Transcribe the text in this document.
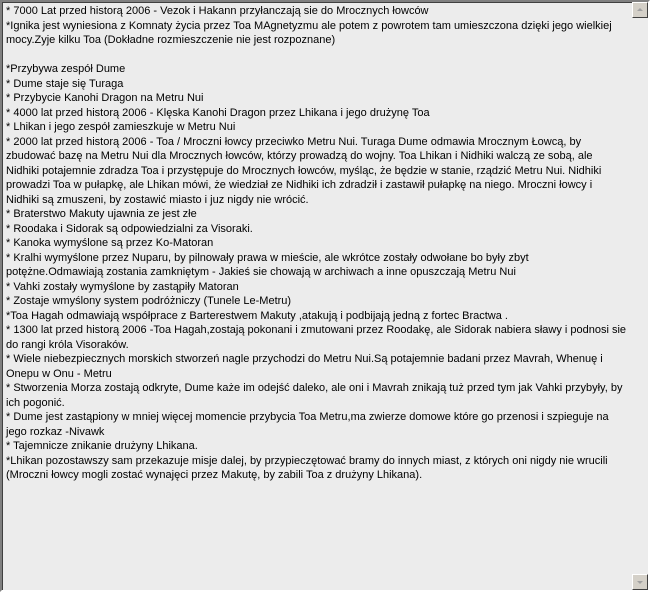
* 7000 Lat przed historą 2006 - Vezok i Hakann przyłanczają sie do Mrocznych łowców
*Ignika jest wyniesiona z Komnaty życia przez Toa MAgnetyzmu ale potem z powrotem tam umieszczona dzięki jego wielkiej mocy.Zyje kilku Toa (Dokładne rozmieszczenie nie jest rozpoznane)

*Przybywa zespół Dume
* Dume staje się Turaga
* Przybycie Kanohi Dragon na Metru Nui
* 4000 lat przed historą 2006 - Klęska Kanohi Dragon przez Lhikana i jego drużynę Toa
* Lhikan i jego zespół zamieszkuje w Metru Nui
* 2000 lat przed historą 2006 - Toa / Mroczni łowcy przeciwko Metru Nui. Turaga Dume odmawia Mrocznym Łowcą, by zbudować bazę na Metru Nui dla Mrocznych łowców, którzy prowadzą do wojny. Toa Lhikan i Nidhiki walczą ze sobą, ale Nidhiki potajemnie zdradza Toa i przystępuje do Mrocznych łowców, myśląc, że będzie w stanie, rządzić Metru Nui. Nidhiki prowadzi Toa w pułapkę, ale Lhikan mówi, że wiedział ze Nidhiki ich zdradził i zastawił pułapkę na niego. Mroczni łowcy i Nidhiki są zmuszeni, by zostawić miasto i juz nigdy nie wrócić.
* Braterstwo Makuty ujawnia ze jest złe
* Roodaka i Sidorak są odpowiedzialni za Visoraki.
* Kanoka wymyślone są przez Ko-Matoran
* Kralhi wymyślone przez Nuparu, by pilnowały prawa w mieście, ale wkrótce zostały odwołane bo były zbyt potężne.Odmawiają zostania zamkniętym - Jakieś sie chowają w archiwach a inne opuszczają Metru Nui
* Vahki zostały wymyślone by zastąpiły Matoran
* Zostaje wmyślony system podróżniczy (Tunele Le-Metru)
*Toa Hagah odmawiają współprace z Barterestwem Makuty ,atakują i podbijają jedną z fortec Bractwa .
* 1300 lat przed historą 2006 -Toa Hagah,zostają pokonani i zmutowani przez Roodakę, ale Sidorak nabiera sławy i podnosi sie do rangi króla Visoraków.
* Wiele niebezpiecznych morskich stworzeń nagle przychodzi do Metru Nui.Są potajemnie badani przez Mavrah, Whenuę i Onepu w Onu - Metru
* Stworzenia Morza zostają odkryte, Dume każe im odejść daleko, ale oni i Mavrah znikają tuż przed tym jak Vahki przybyły, by ich pogonić.
* Dume jest zastąpiony w mniej więcej momencie przybycia Toa Metru,ma zwierze domowe które go przenosi i szpieguje na jego rozkaz -Nivawk
* Tajemnicze znikanie drużyny Lhikana.
*Lhikan pozostawszy sam przekazuje misje dalej, by przypieczętować bramy do innych miast, z których oni nigdy nie wrucili (Mroczni łowcy mogli zostać wynajęci przez Makutę, by zabili Toa z drużyny Lhikana).
